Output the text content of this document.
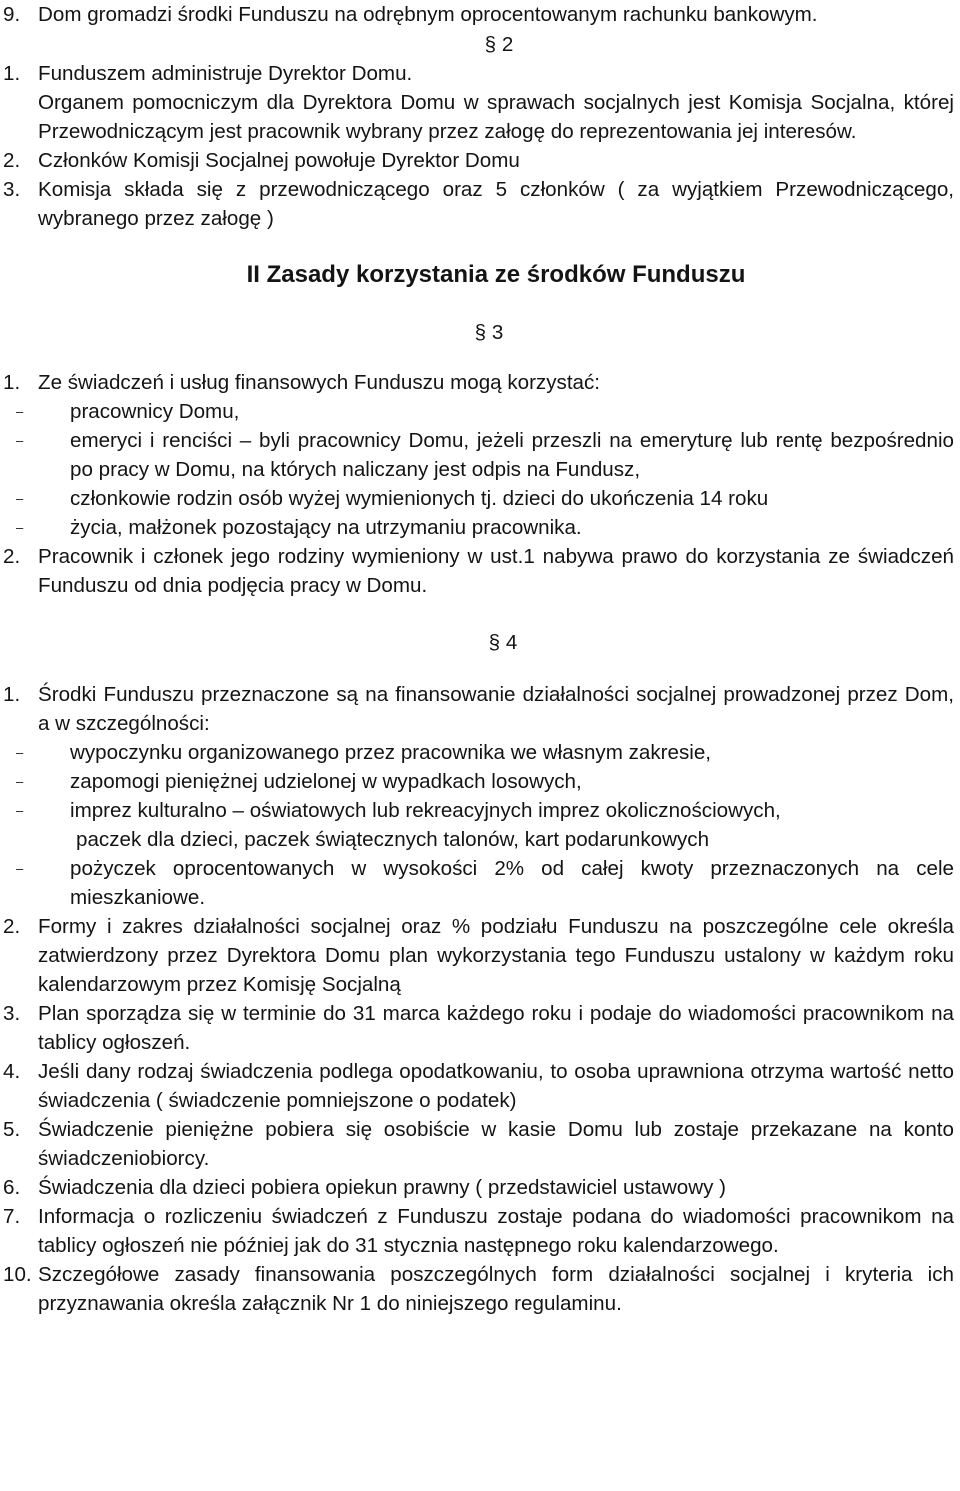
9. Dom gromadzi środki Funduszu na odrębnym oprocentowanym rachunku bankowym.
§ 2
1. Funduszem administruje Dyrektor Domu.
Organem pomocniczym dla Dyrektora Domu w sprawach socjalnych jest Komisja Socjalna, której Przewodniczącym jest pracownik wybrany przez załogę do reprezentowania jej interesów.
2. Członków Komisji Socjalnej powołuje Dyrektor Domu
3. Komisja składa się z przewodniczącego oraz 5 członków ( za wyjątkiem Przewodniczącego, wybranego przez załogę )
II Zasady korzystania ze środków Funduszu
§ 3
1. Ze świadczeń i usług finansowych Funduszu mogą korzystać:
– pracownicy Domu,
– emeryci i renciści – byli pracownicy Domu, jeżeli przeszli na emeryturę lub rentę bezpośrednio po pracy w Domu, na których naliczany jest odpis na Fundusz,
– członkowie rodzin osób wyżej wymienionych tj. dzieci do ukończenia 14 roku
– życia, małżonek pozostający na utrzymaniu pracownika.
2. Pracownik i członek jego rodziny wymieniony w ust.1 nabywa prawo do korzystania ze świadczeń Funduszu od dnia podjęcia pracy w Domu.
§ 4
1. Środki Funduszu przeznaczone są na finansowanie działalności socjalnej prowadzonej przez Dom, a w szczególności:
– wypoczynku organizowanego przez pracownika we własnym zakresie,
– zapomogi pieniężnej udzielonej w wypadkach losowych,
– imprez kulturalno – oświatowych lub rekreacyjnych imprez okolicznościowych,
paczek dla dzieci, paczek świątecznych talonów, kart podarunkowych
– pożyczek oprocentowanych w wysokości 2% od całej kwoty przeznaczonych na cele mieszkaniowe.
2. Formy i zakres działalności socjalnej oraz % podziału Funduszu na poszczególne cele określa zatwierdzony przez Dyrektora Domu plan wykorzystania tego Funduszu ustalony w każdym roku kalendarzowym przez Komisję Socjalną
3. Plan sporządza się w terminie do 31 marca każdego roku i podaje do wiadomości pracownikom na tablicy ogłoszeń.
4. Jeśli dany rodzaj świadczenia podlega opodatkowaniu, to osoba uprawniona otrzyma wartość netto świadczenia ( świadczenie pomniejszone o podatek)
5. Świadczenie pieniężne pobiera się osobiście w kasie Domu lub zostaje przekazane na konto świadczeniobiorcy.
6. Świadczenia dla dzieci pobiera opiekun prawny ( przedstawiciel ustawowy )
7. Informacja o rozliczeniu świadczeń z Funduszu zostaje podana do wiadomości pracownikom na tablicy ogłoszeń nie później jak do 31 stycznia następnego roku kalendarzowego.
10. Szczegółowe zasady finansowania poszczególnych form działalności socjalnej i kryteria ich przyznawania określa załącznik Nr 1 do niniejszego regulaminu.
